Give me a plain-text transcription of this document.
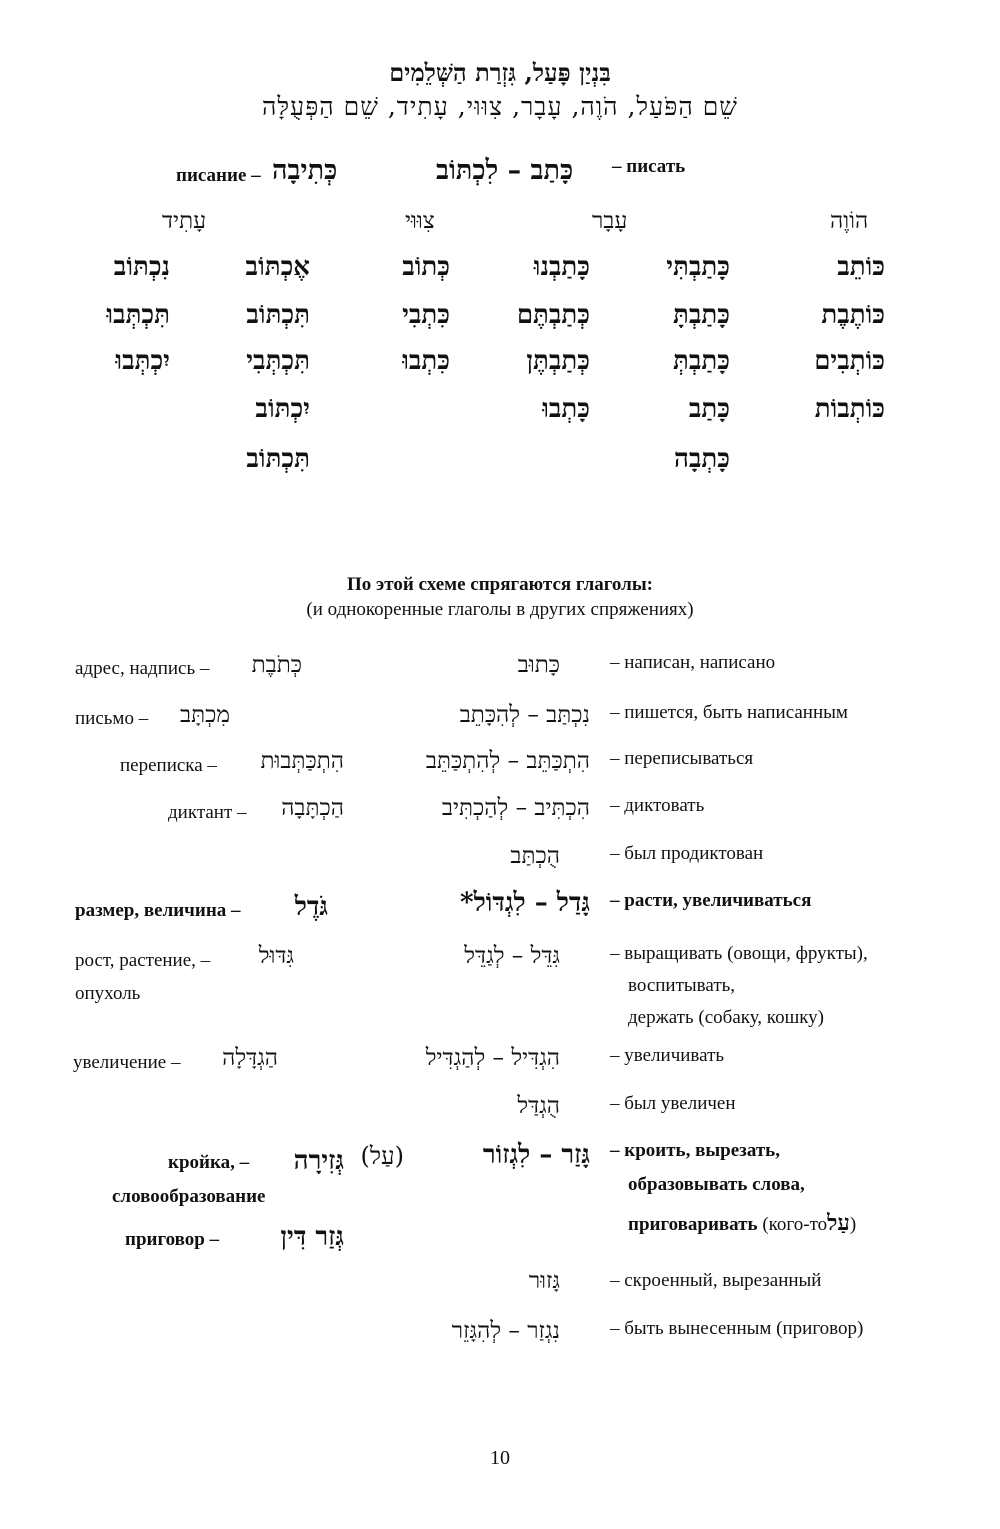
בִּנְיַן פָּעַל, גִּזְרַת הַשְּׁלֵמִים
שֵׁם הַפֹּעַל, הֹוֶה, עָבָר, צִוּוּי, עָתִיד, שֵׁם הַפְּעֻלָּה
– писать
כָּתַב – לִכְתּוֹב
כְּתִיבָה
писание –
הוֹוֶה
עָבָר
צִוּוּי
עָתִיד
כּוֹתֵב
כּוֹתֶבֶת
כּוֹתְבִים
כּוֹתְבוֹת
כָּתַבְתִּי
כָּתַבְתָּ
כָּתַבְתְּ
כָּתַב
כָּתְבָה
כָּתַבְנוּ
כְּתַבְתֶּם
כְּתַבְתֶּן
כָּתְבוּ
כְּתוֹב
כִּתְבִי
כִּתְבוּ
אֶכְתּוֹב
תִּכְתּוֹב
תִּכְתְּבִי
יִכְתּוֹב
תִּכְתּוֹב
נִכְתּוֹב
תִּכְתְּבוּ
יִכְתְּבוּ
По этой схеме спрягаются глаголы:
(и однокоренные глаголы в других спряжениях)
– написан, написано
כָּתוּב
адрес, надпись – כְּתֹבֶת
– пишется, быть написанным
נִכְתַּב – לְהִכָּתֵב
письмо – מִכְתָּב
– переписываться
הִתְכַּתֵּב – לְהִתְכַּתֵּב
переписка – הִתְכַּתְּבוּת
– диктовать
הִכְתִּיב – לְהַכְתִּיב
диктант – הַכְתָּבָה
– был продиктован
הֻכְתַּב
– расти, увеличиваться
גָּדַל – לִגְדּוֹל*
размер, величина – גֹּדֶל
– выращивать (овощи, фрукты),
воспитывать,
держать (собаку, кошку)
גִּדֵּל – לְגַדֵּל
рост, растение, –
опухоль
גִּדּוּל
– увеличивать
הִגְדִּיל – לְהַגְדִּיל
увеличение – הַגְדָּלָה
– был увеличен
הֻגְדַּל
– кроить, вырезать,
образовывать слова,
приговаривать (кого-тоעַל)
גָּזַר – לִגְזוֹר
(עַל)
кройка, – גְּזִירָה
словообразование
приговор – גְּזַר דִּין
– скроенный, вырезанный
גָּזוּר
– быть вынесенным (приговор)
נִגְזַר – לְהִגָּזֵר
10
